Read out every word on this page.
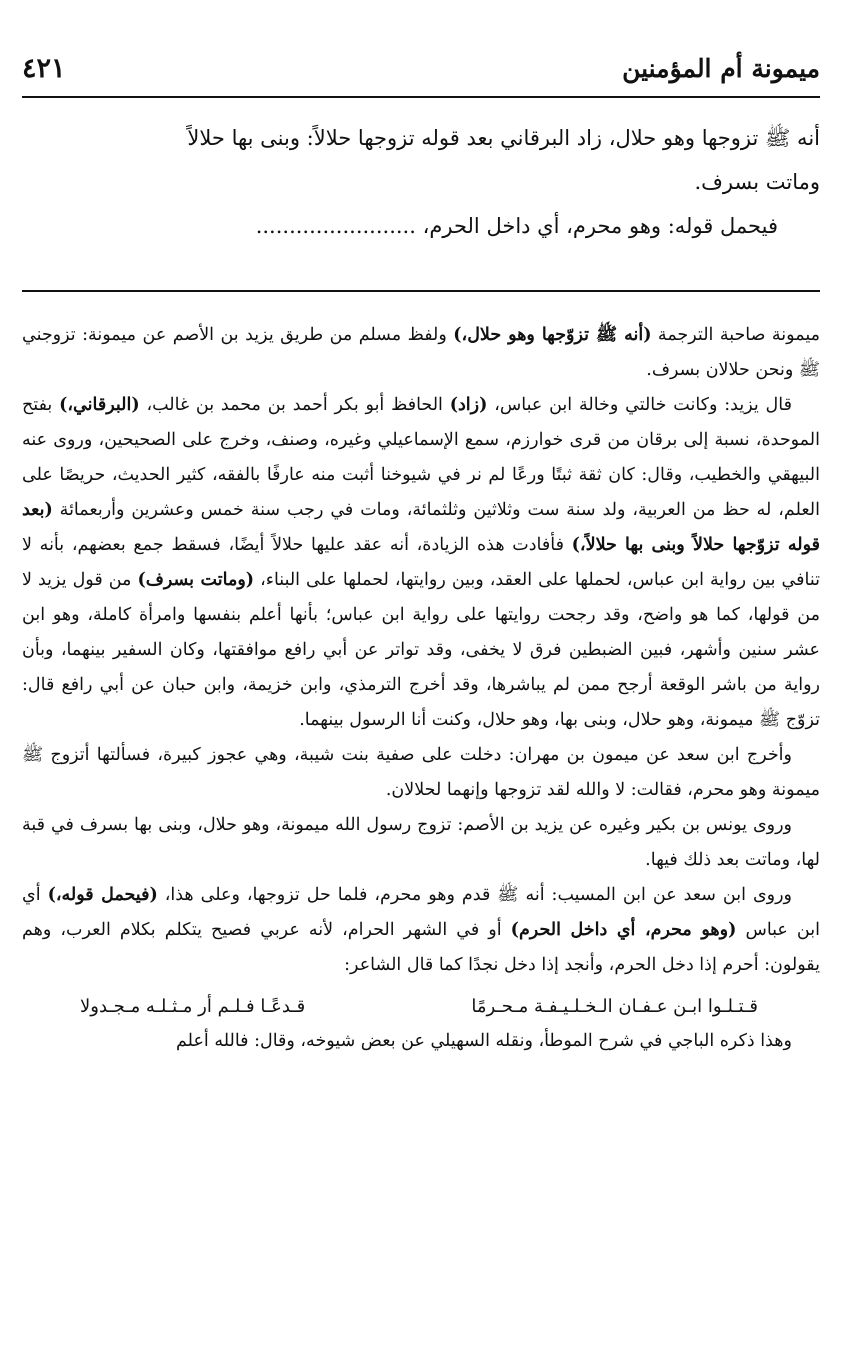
ميمونة أم المؤمنين
٤٢١

أنه ﷺ تزوجها وهو حلال، زاد البرقاني بعد قوله تزوجها حلالاً: وبنى بها حلالاً

وماتت بسرف.

فيحمل قوله: وهو محرم، أي داخل الحرم، ........................

ميمونة صاحبة الترجمة (أنه ﷺ تزوّجها وهو حلال،) ولفظ مسلم من طريق يزيد بن الأصم عن ميمونة: تزوجني ﷺ ونحن حلالان بسرف.

قال يزيد: وكانت خالتي وخالة ابن عباس، (زاد) الحافظ أبو بكر أحمد بن محمد بن غالب، (البرقاني،) بفتح الموحدة، نسبة إلى برقان من قرى خوارزم، سمع الإسماعيلي وغيره، وصنف، وخرج على الصحيحين، وروى عنه البيهقي والخطيب، وقال: كان ثقة ثبتًا ورعًا لم نر في شيوخنا أثبت منه عارفًا بالفقه، كثير الحديث، حريصًا على العلم، له حظ من العربية، ولد سنة ست وثلاثين وثلثمائة، ومات في رجب سنة خمس وعشرين وأربعمائة (بعد قوله تزوّجها حلالاً وبنى بها حلالاً،) فأفادت هذه الزيادة، أنه عقد عليها حلالاً أيضًا، فسقط جمع بعضهم، بأنه لا تنافي بين رواية ابن عباس، لحملها على العقد، وبين روايتها، لحملها على البناء، (وماتت بسرف) من قول يزيد لا من قولها، كما هو واضح، وقد رجحت روايتها على رواية ابن عباس؛ بأنها أعلم بنفسها وامرأة كاملة، وهو ابن عشر سنين وأشهر، فبين الضبطين فرق لا يخفى، وقد تواتر عن أبي رافع موافقتها، وكان السفير بينهما، وبأن رواية من باشر الوقعة أرجح ممن لم يباشرها، وقد أخرج الترمذي، وابن خزيمة، وابن حبان عن أبي رافع قال: تزوّج ﷺ ميمونة، وهو حلال، وبنى بها، وهو حلال، وكنت أنا الرسول بينهما.

وأخرج ابن سعد عن ميمون بن مهران: دخلت على صفية بنت شيبة، وهي عجوز كبيرة، فسألتها أتزوج ﷺ ميمونة وهو محرم، فقالت: لا والله لقد تزوجها وإنهما لحلالان.

وروى يونس بن بكير وغيره عن يزيد بن الأصم: تزوج رسول الله ميمونة، وهو حلال، وبنى بها بسرف في قبة لها، وماتت بعد ذلك فيها.

وروى ابن سعد عن ابن المسيب: أنه ﷺ قدم وهو محرم، فلما حل تزوجها، وعلى هذا، (فيحمل قوله،) أي ابن عباس (وهو محرم، أي داخل الحرم) أو في الشهر الحرام، لأنه عربي فصيح يتكلم بكلام العرب، وهم يقولون: أحرم إذا دخل الحرم، وأنجد إذا دخل نجدًا كما قال الشاعر:

قـتـلـوا ابـن عـفـان الـخـلـيـفـة مـحـرمًا
قـدعًـا فـلـم أر مـثـلـه مـجـدولا

وهذا ذكره الباجي في شرح الموطأ، ونقله السهيلي عن بعض شيوخه، وقال: فالله أعلم
